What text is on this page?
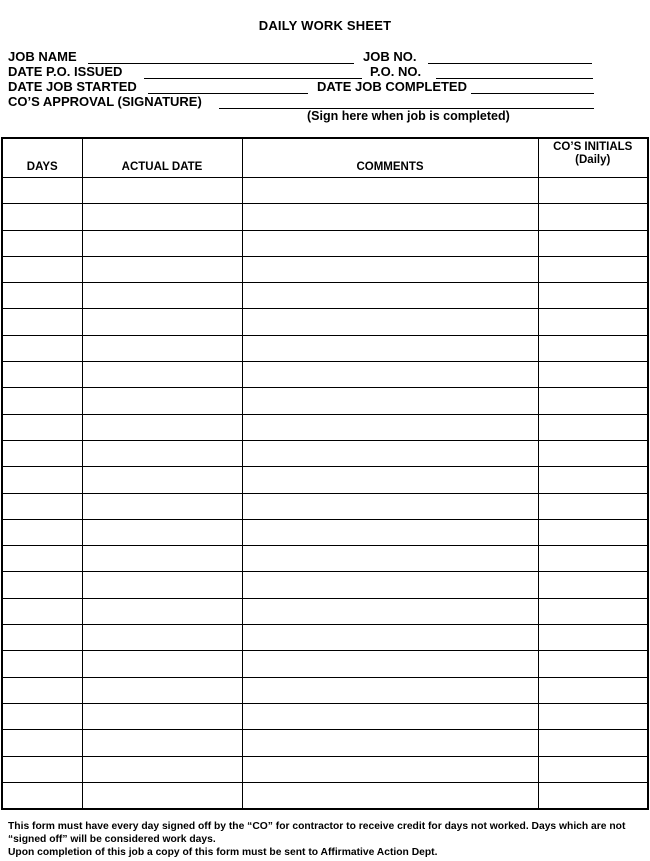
DAILY WORK SHEET
JOB NAME	JOB NO.
DATE P.O. ISSUED	P.O. NO.
DATE JOB STARTED	DATE JOB COMPLETED
CO’S APPROVAL (SIGNATURE)
(Sign here when job is completed)
DAYS	ACTUAL DATE	COMMENTS	CO’S INITIALS
(Daily)

This form must have every day signed off by the “CO” for contractor to receive credit for days not worked. Days which are not “signed off” will be considered work days.
Upon completion of this job a copy of this form must be sent to Affirmative Action Dept.
